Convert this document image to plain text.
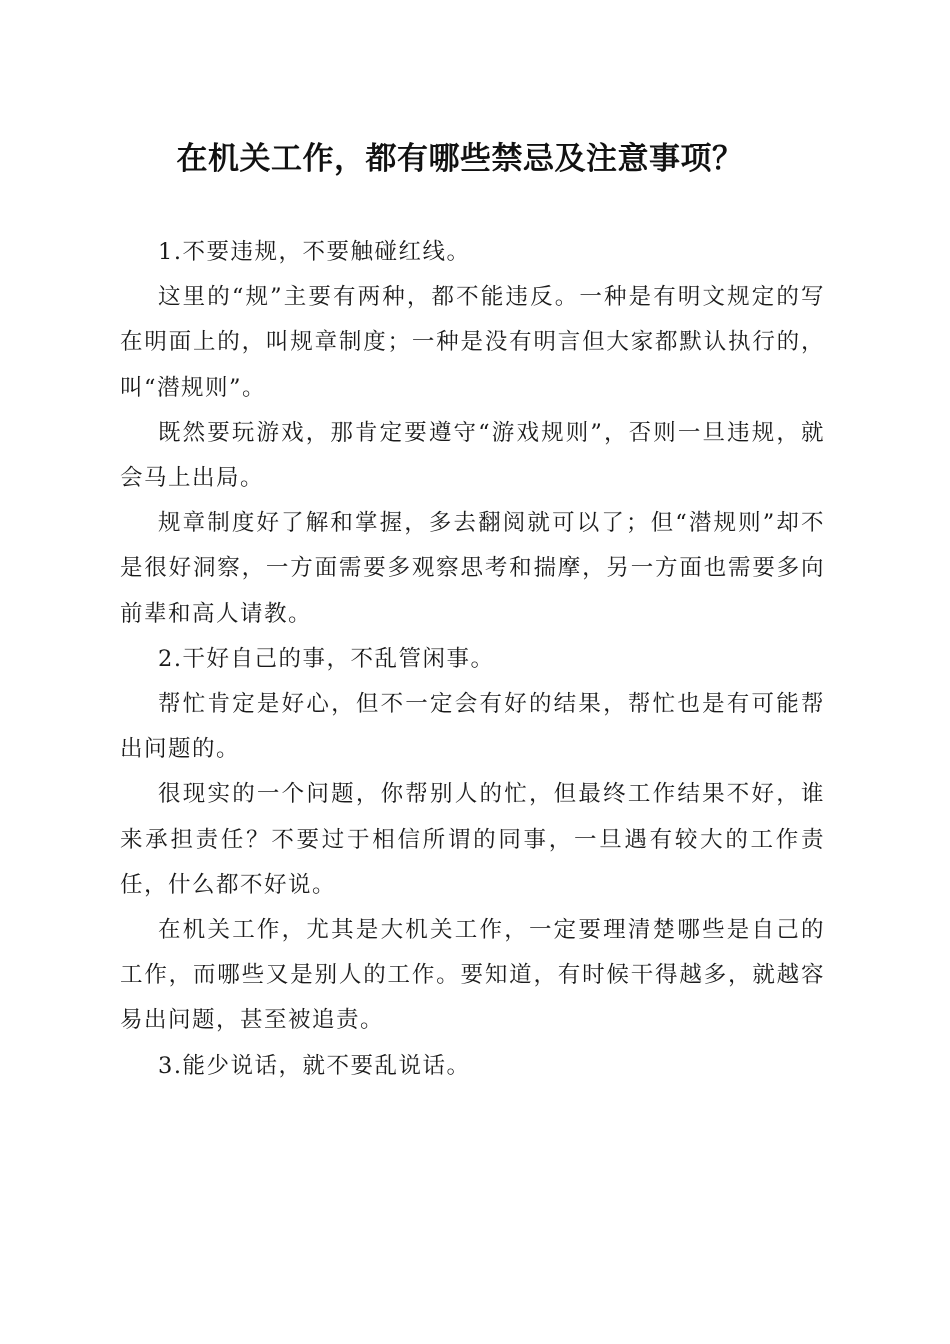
在机关工作，都有哪些禁忌及注意事项？

1.不要违规，不要触碰红线。

这里的“规”主要有两种，都不能违反。一种是有明文规定的写在明面上的，叫规章制度；一种是没有明言但大家都默认执行的，叫“潜规则”。

既然要玩游戏，那肯定要遵守“游戏规则”，否则一旦违规，就会马上出局。

规章制度好了解和掌握，多去翻阅就可以了；但“潜规则”却不是很好洞察，一方面需要多观察思考和揣摩，另一方面也需要多向前辈和高人请教。

2.干好自己的事，不乱管闲事。

帮忙肯定是好心，但不一定会有好的结果，帮忙也是有可能帮出问题的。

很现实的一个问题，你帮别人的忙，但最终工作结果不好，谁来承担责任？不要过于相信所谓的同事，一旦遇有较大的工作责任，什么都不好说。

在机关工作，尤其是大机关工作，一定要理清楚哪些是自己的工作，而哪些又是别人的工作。要知道，有时候干得越多，就越容易出问题，甚至被追责。

3.能少说话，就不要乱说话。
